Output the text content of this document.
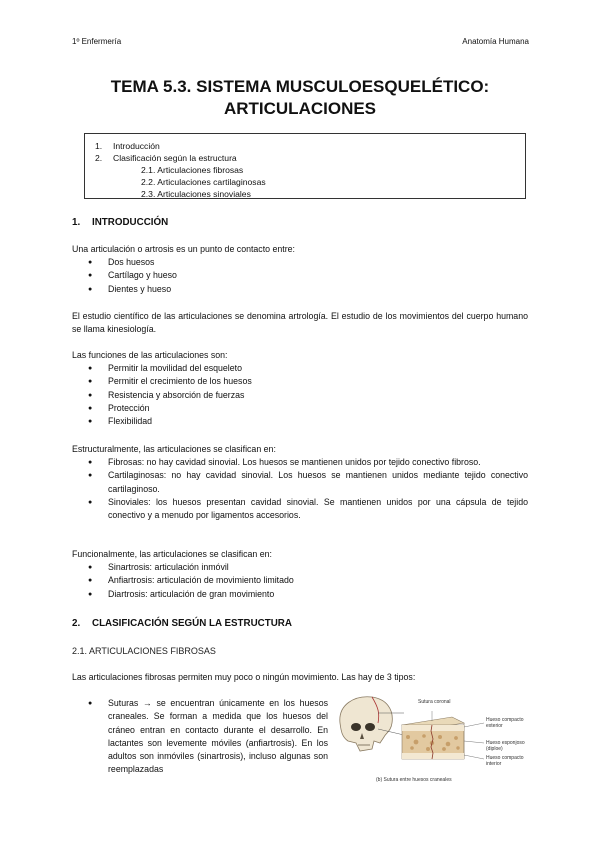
1º Enfermería	Anatomía Humana
TEMA 5.3. SISTEMA MUSCULOESQUELÉTICO:
ARTICULACIONES
1. Introducción
2. Clasificación según la estructura
2.1. Articulaciones fibrosas
2.2. Articulaciones cartilaginosas
2.3. Articulaciones sinoviales
1. INTRODUCCIÓN
Una articulación o artrosis es un punto de contacto entre:
● Dos huesos
● Cartílago y hueso
● Dientes y hueso
El estudio científico de las articulaciones se denomina artrología. El estudio de los movimientos del cuerpo humano se llama kinesiología.
Las funciones de las articulaciones son:
● Permitir la movilidad del esqueleto
● Permitir el crecimiento de los huesos
● Resistencia y absorción de fuerzas
● Protección
● Flexibilidad
Estructuralmente, las articulaciones se clasifican en:
● Fibrosas: no hay cavidad sinovial. Los huesos se mantienen unidos por tejido conectivo fibroso.
● Cartilaginosas: no hay cavidad sinovial. Los huesos se mantienen unidos mediante tejido conectivo cartilaginoso.
● Sinoviales: los huesos presentan cavidad sinovial. Se mantienen unidos por una cápsula de tejido conectivo y a menudo por ligamentos accesorios.
Funcionalmente, las articulaciones se clasifican en:
● Sinartrosis: articulación inmóvil
● Anfiartrosis: articulación de movimiento limitado
● Diartrosis: articulación de gran movimiento
2. CLASIFICACIÓN SEGÚN LA ESTRUCTURA
2.1. ARTICULACIONES FIBROSAS
Las articulaciones fibrosas permiten muy poco o ningún movimiento. Las hay de 3 tipos:
●	Suturas → se encuentran únicamente en los huesos craneales. Se forman a medida que los huesos del cráneo entran en contacto durante el desarrollo. En lactantes son levemente móviles (anfiartrosis). En los adultos son inmóviles (sinartrosis), incluso algunas son reemplazadas
Sutura coronal
Hueso compacto exterior
Hueso esponjoso (diploe)
Hueso compacto interior
(b) Sutura entre huesos craneales
